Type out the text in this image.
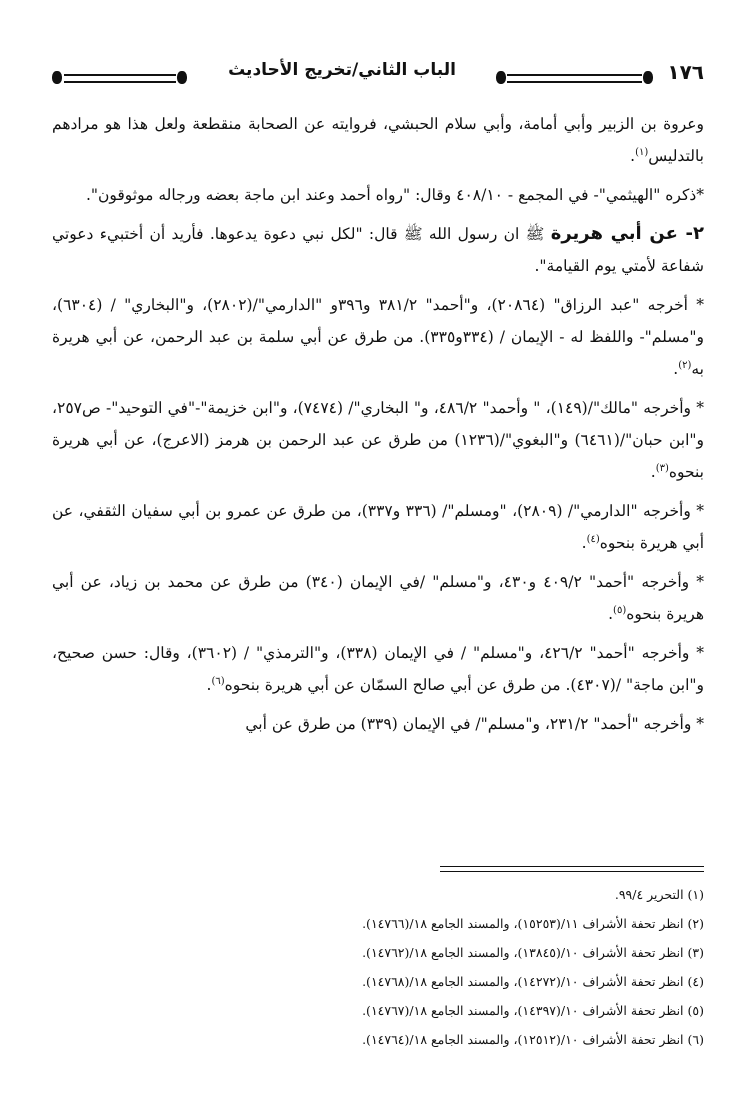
١٧٦
الباب الثاني/تخريج الأحاديث

وعروة بن الزبير وأبي أمامة، وأبي سلام الحبشي، فروايته عن الصحابة منقطعة ولعل هذا هو مرادهم بالتدليس$^{(١)}$.

*ذكره "الهيثمي"- في المجمع - ٤٠٨/١٠ وقال: "رواه أحمد وعند ابن ماجة بعضه ورجاله موثوقون".

٢- عن أبي هريرة ﷺ ان رسول الله ﷺ قال: "لكل نبي دعوة يدعوها. فأريد أن أختبيء دعوتي شفاعة لأمتي يوم القيامة".

* أخرجه "عبد الرزاق" (٢٠٨٦٤)، و"أحمد" ٣٨١/٢ و٣٩٦و "الدارمي"/(٢٨٠٢)، و"البخاري" / (٦٣٠٤)، و"مسلم"- واللفظ له - الإيمان / (٣٣٤و٣٣٥). من طرق عن أبي سلمة بن عبد الرحمن، عن أبي هريرة به$^{(٢)}$.

* وأخرجه "مالك"/(١٤٩)، " وأحمد" ٤٨٦/٢، و" البخاري"/ (٧٤٧٤)، و"ابن خزيمة"-"في التوحيد"- ص٢٥٧، و"ابن حبان"/(٦٤٦١) و"البغوي"/(١٢٣٦) من طرق عن عبد الرحمن بن هرمز (الاعرج)، عن أبي هريرة بنحوه$^{(٣)}$.

* وأخرجه "الدارمي"/ (٢٨٠٩)، "ومسلم"/ (٣٣٦ و٣٣٧)، من طرق عن عمرو بن أبي سفيان الثقفي، عن أبي هريرة بنحوه$^{(٤)}$.

* وأخرجه "أحمد" ٤٠٩/٢ و٤٣٠، و"مسلم" /في الإيمان (٣٤٠) من طرق عن محمد بن زياد، عن أبي هريرة بنحوه$^{(٥)}$.

* وأخرجه "أحمد" ٤٢٦/٢، و"مسلم" / في الإيمان (٣٣٨)، و"الترمذي" / (٣٦٠٢)، وقال: حسن صحيح، و"ابن ماجة" /(٤٣٠٧). من طرق عن أبي صالح السمّان عن أبي هريرة بنحوه$^{(٦)}$.

* وأخرجه "أحمد" ٢٣١/٢، و"مسلم"/ في الإيمان (٣٣٩) من طرق عن أبي

(١) التحرير ٩٩/٤.
(٢) انظر تحفة الأشراف ١١/(١٥٢٥٣)، والمسند الجامع ١٨/(١٤٧٦٦).
(٣) انظر تحفة الأشراف ١٠/(١٣٨٤٥)، والمسند الجامع ١٨/(١٤٧٦٢).
(٤) انظر تحفة الأشراف ١٠/(١٤٢٧٢)، والمسند الجامع ١٨/(١٤٧٦٨).
(٥) انظر تحفة الأشراف ١٠/(١٤٣٩٧)، والمسند الجامع ١٨/(١٤٧٦٧).
(٦) انظر تحفة الأشراف ١٠/(١٢٥١٢)، والمسند الجامع ١٨/(١٤٧٦٤).
